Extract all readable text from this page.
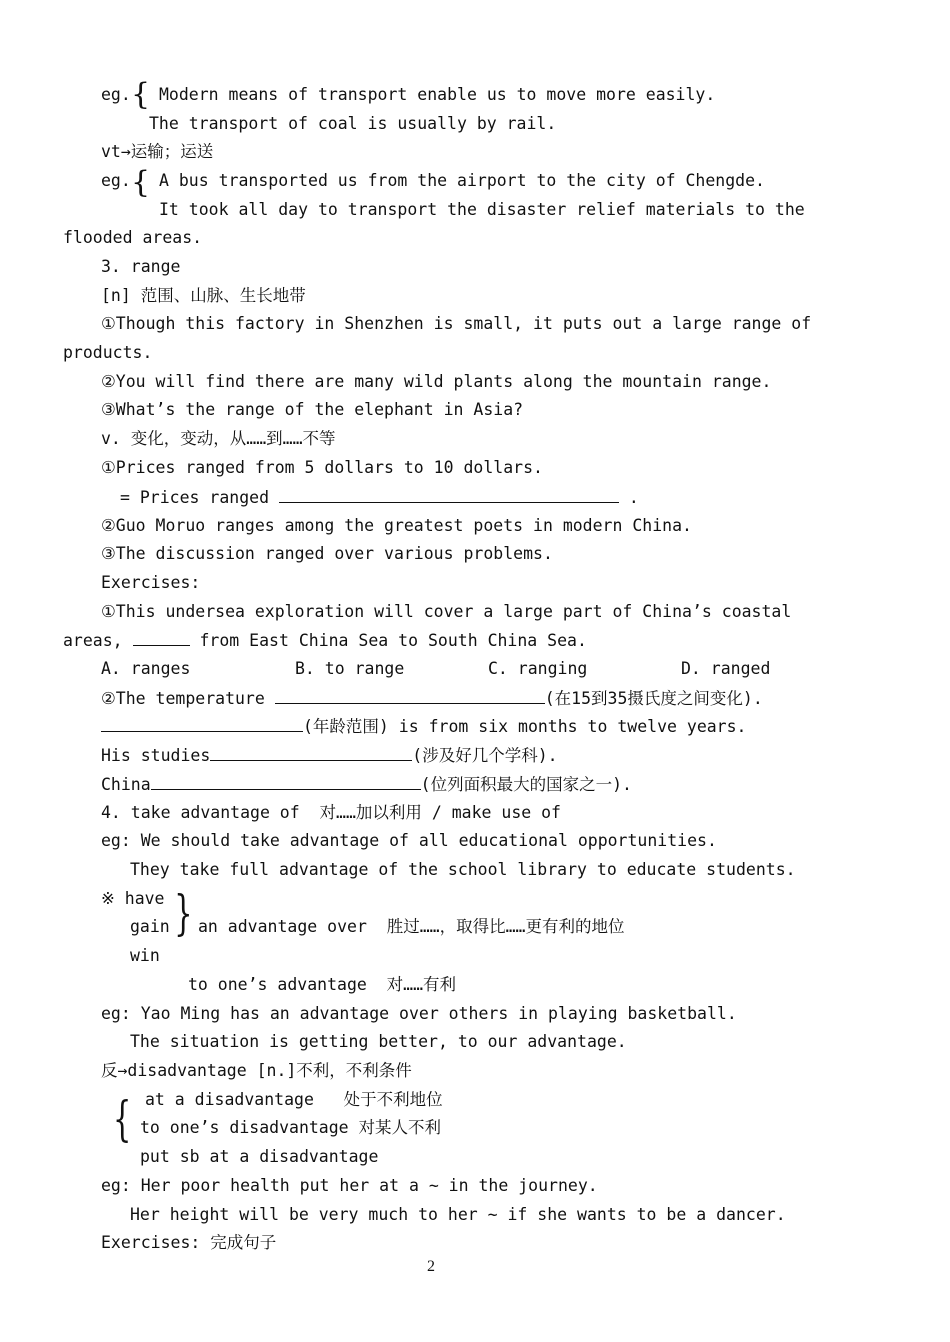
eg. { Modern means of transport enable us to move more easily.
The transport of coal is usually by rail.
vt→运输；运送
eg. { A bus transported us from the airport to the city of Chengde.
It took all day to transport the disaster relief materials to the
flooded areas.
3. range
[n] 范围、山脉、生长地带
①Though this factory in Shenzhen is small, it puts out a large range of
products.
②You will find there are many wild plants along the mountain range.
③What’s the range of the elephant in Asia?
v. 变化，变动，从……到……不等
①Prices ranged from 5 dollars to 10 dollars.
= Prices ranged	.
②Guo Moruo ranges among the greatest poets in modern China.
③The discussion ranged over various problems.
Exercises:
①This undersea exploration will cover a large part of China’s coastal
areas,	from East China Sea to South China Sea.
A. ranges	B. to range	C. ranging	D. ranged
②The temperature	(在15到35摄氏度之间变化).
(年龄范围) is from six months to twelve years.
His studies	(涉及好几个学科).
China	(位列面积最大的国家之一).
4. take advantage of  对……加以利用 / make use of
eg: We should take advantage of all educational opportunities.
They take full advantage of the school library to educate students.
※ have
gain { an advantage over  胜过……，取得比……更有利的地位
win
to one’s advantage  对……有利
eg: Yao Ming has an advantage over others in playing basketball.
The situation is getting better, to our advantage.
反→disadvantage [n.]不利，不利条件
{ at a disadvantage   处于不利地位
to one’s disadvantage 对某人不利
put sb at a disadvantage
eg: Her poor health put her at a ~ in the journey.
Her height will be very much to her ~ if she wants to be a dancer.
Exercises: 完成句子
2
